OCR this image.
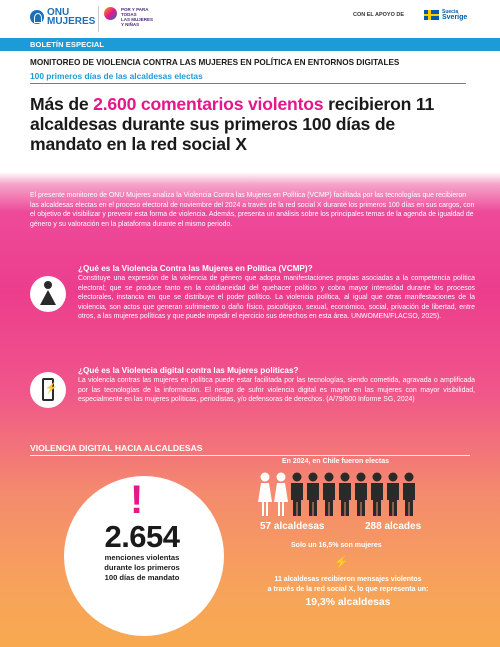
ONU
MUJERES
POR Y PARA
TODAS
LAS MUJERES
Y NIÑAS
CON EL APOYO DE	Suecia
Sverige
BOLETÍN ESPECIAL
MONITOREO DE VIOLENCIA CONTRA LAS MUJERES EN POLÍTICA EN ENTORNOS DIGITALES
100 primeros días de las alcaldesas electas
Más de 2.600 comentarios violentos recibieron 11 alcaldesas durante sus primeros 100 días de mandato en la red social X

El presente monitoreo de ONU Mujeres analiza la Violencia Contra las Mujeres en Política (VCMP) facilitada por las tecnologías que recibieron las alcaldesas electas en el proceso electoral de noviembre del 2024 a través de la red social X durante los primeros 100 días en sus cargos, con el objetivo de visibilizar y prevenir esta forma de violencia. Además, presenta un análisis sobre los principales temas de la agenda de igualdad de género y su valoración en la plataforma durante el mismo periodo.

¿Qué es la Violencia Contra las Mujeres en Política (VCMP)?

Constituye una expresión de la violencia de género que adopta manifestaciones propias asociadas a la competencia política electoral; que se produce tanto en la cotidianeidad del quehacer político y cobra mayor intensidad durante los procesos electorales, instancia en que se distribuye el poder político. La violencia política, al igual que otras manifestaciones de la violencia, son actos que generan sufrimiento o daño físico, psicológico, sexual, económico, social, privación de libertad, entre otros, a las mujeres políticas y que puede impedir el ejercicio sus derechos en esta área. UNWOMEN/FLACSO, 2025).

⚡
¿Qué es la Violencia digital contra las Mujeres políticas?

La violencia contras las mujeres en política puede estar facilitada por las tecnologías, siendo cometida, agravada o amplificada por las tecnologías de la información. El riesgo de sufrir violencia digital es mayor en las mujeres con mayor visibilidad, especialmente en las mujeres políticas, periodistas, y/o defensoras de derechos. (A/79/500 Informe SG, 2024)

VIOLENCIA DIGITAL HACIA ALCALDESAS
!
2.654
menciones violentas
durante los primeros
100 días de mandato
En 2024, en Chile fueron electas
57 alcaldesas	288 alcades
Solo un 16,5% son mujeres
⚡
11 alcaldesas recibieron mensajes violentos
a través de la red social X, lo que representa un:
19,3% alcaldesas
